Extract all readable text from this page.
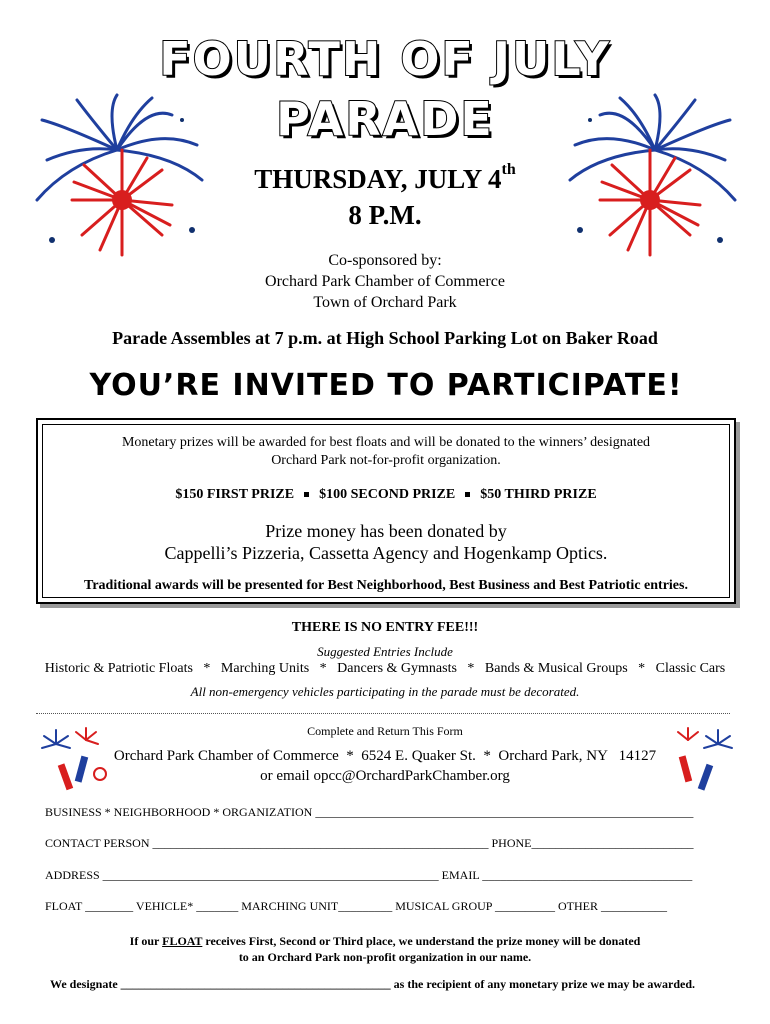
FOURTH OF JULY
PARADE
THURSDAY, JULY 4th
8 P.M.
Co-sponsored by:
Orchard Park Chamber of Commerce
Town of Orchard Park
Parade Assembles at 7 p.m. at High School Parking Lot on Baker Road
YOU’RE INVITED TO PARTICIPATE!
Monetary prizes will be awarded for best floats and will be donated to the winners’ designated
Orchard Park not-for-profit organization.
$150 FIRST PRIZE $100 SECOND PRIZE $50 THIRD PRIZE
Prize money has been donated by
Cappelli’s Pizzeria, Cassetta Agency and Hogenkamp Optics.
Traditional awards will be presented for Best Neighborhood, Best Business and Best Patriotic entries.
THERE IS NO ENTRY FEE!!!
Suggested Entries Include
Historic & Patriotic Floats   *   Marching Units   *   Dancers & Gymnasts   *   Bands & Musical Groups   *   Classic Cars
All non-emergency vehicles participating in the parade must be decorated.
Complete and Return This Form
Orchard Park Chamber of Commerce  *  6524 E. Quaker St.  *  Orchard Park, NY   14127
or email opcc@OrchardParkChamber.org
BUSINESS * NEIGHBORHOOD * ORGANIZATION _______________________________________________________________
CONTACT PERSON ________________________________________________________ PHONE___________________________
ADDRESS ________________________________________________________ EMAIL ___________________________________
FLOAT ________ VEHICLE* _______ MARCHING UNIT_________ MUSICAL GROUP __________ OTHER ___________
If our FLOAT receives First, Second or Third place, we understand the prize money will be donated
to an Orchard Park non-profit organization in our name.
We designate _____________________________________________ as the recipient of any monetary prize we may be awarded.
